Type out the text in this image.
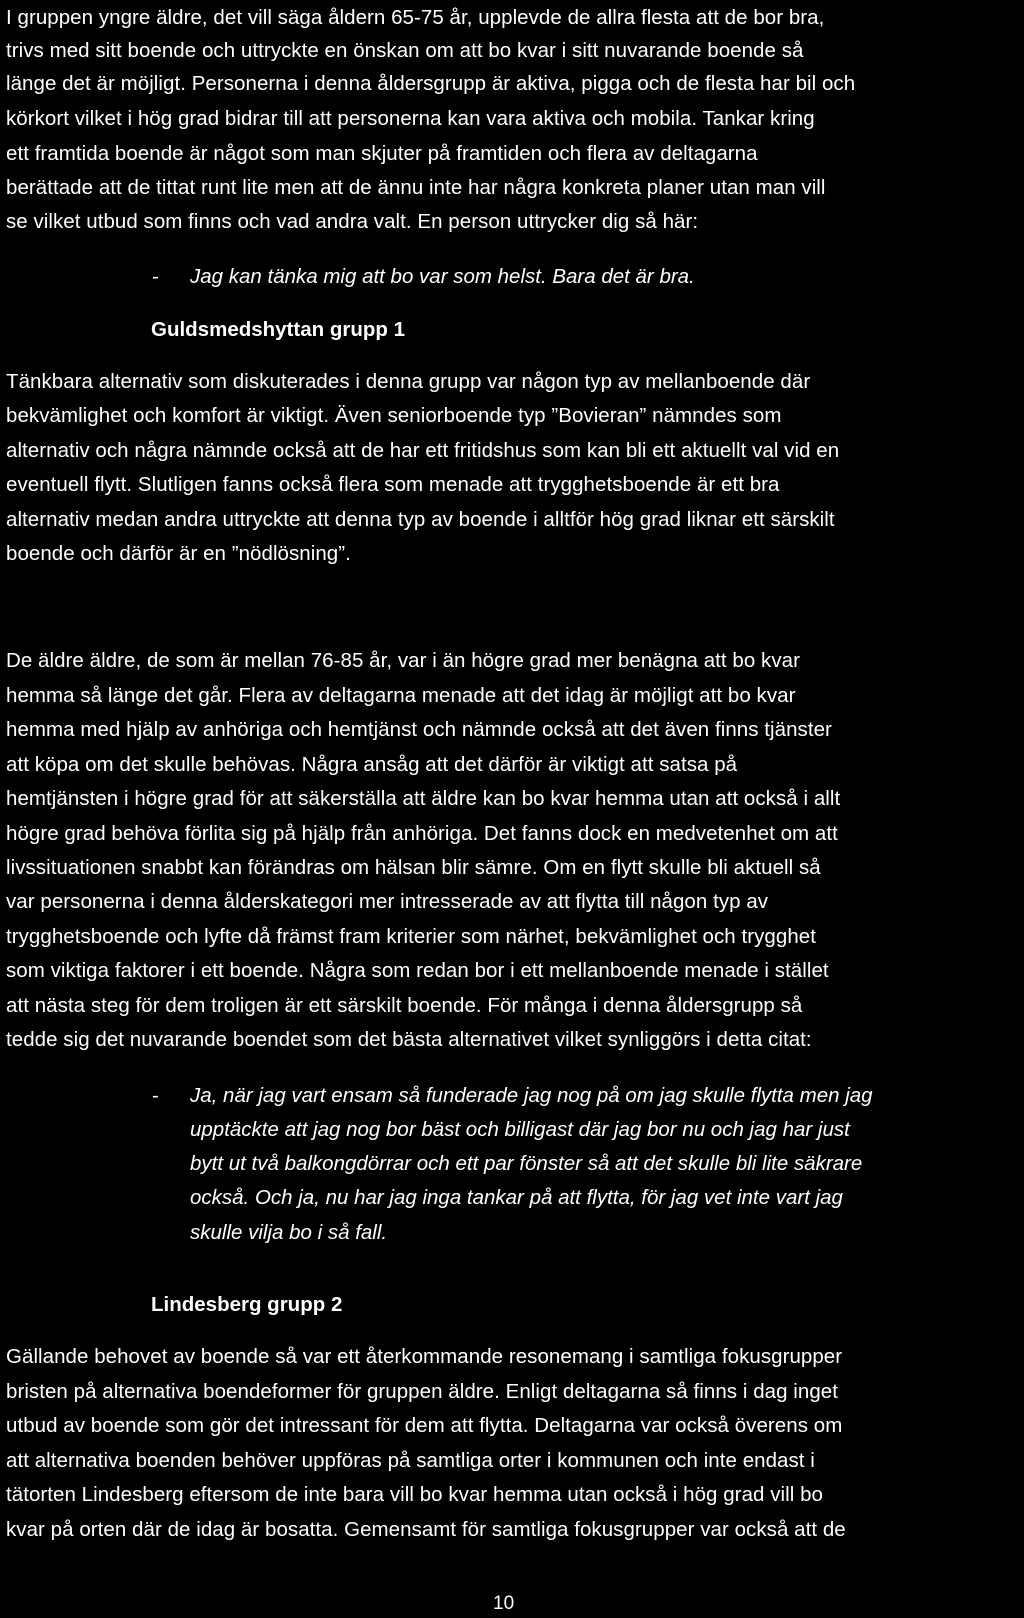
I gruppen yngre äldre, det vill säga åldern 65-75 år, upplevde de allra flesta att de bor bra,
trivs med sitt boende och uttryckte en önskan om att bo kvar i sitt nuvarande boende så
länge det är möjligt. Personerna i denna åldersgrupp är aktiva, pigga och de flesta har bil och
körkort vilket i hög grad bidrar till att personerna kan vara aktiva och mobila. Tankar kring
ett framtida boende är något som man skjuter på framtiden och flera av deltagarna
berättade att de tittat runt lite men att de ännu inte har några konkreta planer utan man vill
se vilket utbud som finns och vad andra valt. En person uttrycker dig så här:
- Jag kan tänka mig att bo var som helst. Bara det är bra.
Guldsmedshyttan grupp 1
Tänkbara alternativ som diskuterades i denna grupp var någon typ av mellanboende där
bekvämlighet och komfort är viktigt. Även seniorboende typ ”Bovieran” nämndes som
alternativ och några nämnde också att de har ett fritidshus som kan bli ett aktuellt val vid en
eventuell flytt. Slutligen fanns också flera som menade att trygghetsboende är ett bra
alternativ medan andra uttryckte att denna typ av boende i alltför hög grad liknar ett särskilt
boende och därför är en ”nödlösning”.
De äldre äldre, de som är mellan 76-85 år, var i än högre grad mer benägna att bo kvar
hemma så länge det går. Flera av deltagarna menade att det idag är möjligt att bo kvar
hemma med hjälp av anhöriga och hemtjänst och nämnde också att det även finns tjänster
att köpa om det skulle behövas. Några ansåg att det därför är viktigt att satsa på
hemtjänsten i högre grad för att säkerställa att äldre kan bo kvar hemma utan att också i allt
högre grad behöva förlita sig på hjälp från anhöriga. Det fanns dock en medvetenhet om att
livssituationen snabbt kan förändras om hälsan blir sämre. Om en flytt skulle bli aktuell så
var personerna i denna ålderskategori mer intresserade av att flytta till någon typ av
trygghetsboende och lyfte då främst fram kriterier som närhet, bekvämlighet och trygghet
som viktiga faktorer i ett boende. Några som redan bor i ett mellanboende menade i stället
att nästa steg för dem troligen är ett särskilt boende. För många i denna åldersgrupp så
tedde sig det nuvarande boendet som det bästa alternativet vilket synliggörs i detta citat:
- Ja, när jag vart ensam så funderade jag nog på om jag skulle flytta men jag
upptäckte att jag nog bor bäst och billigast där jag bor nu och jag har just
bytt ut två balkongdörrar och ett par fönster så att det skulle bli lite säkrare
också. Och ja, nu har jag inga tankar på att flytta, för jag vet inte vart jag
skulle vilja bo i så fall.
Lindesberg grupp 2
Gällande behovet av boende så var ett återkommande resonemang i samtliga fokusgrupper
bristen på alternativa boendeformer för gruppen äldre. Enligt deltagarna så finns i dag inget
utbud av boende som gör det intressant för dem att flytta. Deltagarna var också överens om
att alternativa boenden behöver uppföras på samtliga orter i kommunen och inte endast i
tätorten Lindesberg eftersom de inte bara vill bo kvar hemma utan också i hög grad vill bo
kvar på orten där de idag är bosatta. Gemensamt för samtliga fokusgrupper var också att de
10
